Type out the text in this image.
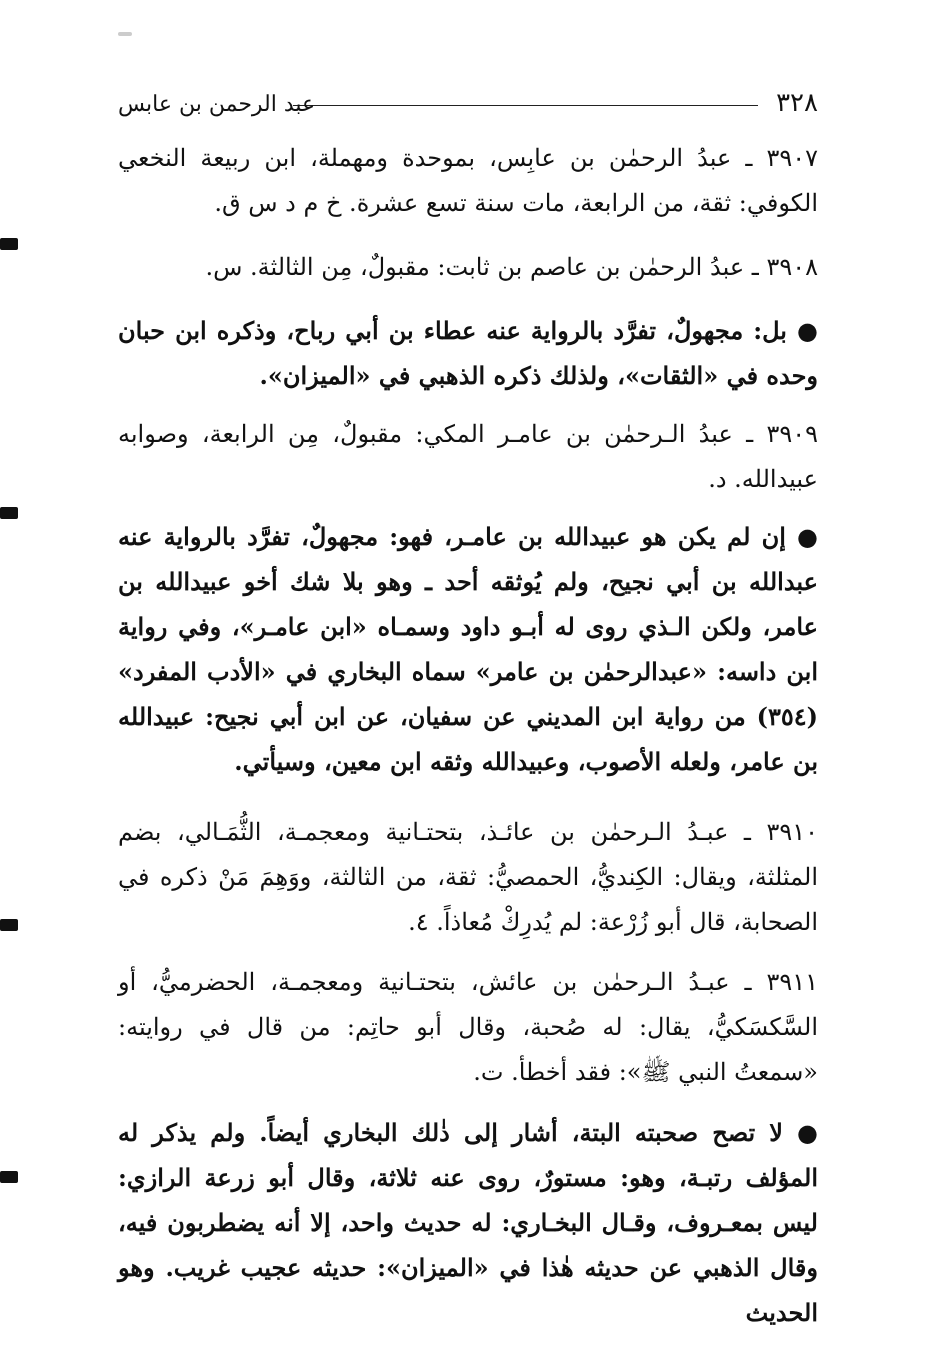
٣٢٨
عبد الرحمن بن عابس
٣٩٠٧ ـ عبدُ الرحمٰن بن عابِس، بموحدة ومهملة، ابن ربيعة النخعي الكوفي: ثقة، من الرابعة، مات سنة تسع عشرة. خ م د س ق.
٣٩٠٨ ـ عبدُ الرحمٰن بن عاصم بن ثابت: مقبولٌ، مِن الثالثة. س.
● بل: مجهولٌ، تفرَّد بالرواية عنه عطاء بن أبي رباح، وذكره ابن حبان وحده في «الثقات»، ولذلك ذكره الذهبي في «الميزان».
٣٩٠٩ ـ عبدُ الـرحمٰن بن عامـر المكي: مقبولٌ، مِن الرابعة، وصوابه عبيدالله. د.
● إن لم يكن هو عبيدالله بن عامـر، فهو: مجهولٌ، تفرَّد بالرواية عنه عبدالله بن أبي نجيح، ولم يُوثقه أحد ـ وهو بلا شك أخو عبيدالله بن عامر، ولكن الـذي روى له أبـو داود وسمـاه «ابن عامـر»، وفي رواية ابن داسه: «عبدالرحمٰن بن عامر» سماه البخاري في «الأدب المفرد» (٣٥٤) من رواية ابن المديني عن سفيان، عن ابن أبي نجيح: عبيدالله بن عامر، ولعله الأصوب، وعبيدالله وثقه ابن معين، وسيأتي.
٣٩١٠ ـ عبـدُ الـرحمٰن بن عائـذ، بتحتـانية ومعجمـة، الثُّمَـالي، بضم المثلثة، ويقال: الكِنديُّ، الحمصيُّ: ثقة، من الثالثة، ووَهِمَ مَنْ ذكره في الصحابة، قال أبو زُرْعة: لم يُدرِكْ مُعاذاً. ٤.
٣٩١١ ـ عبـدُ الـرحمٰن بن عائش، بتحتـانية ومعجمـة، الحضرميُّ، أو السَّكسَكيُّ، يقال: له صُحبة، وقال أبو حاتِم: من قال في روايته: «سمعتُ النبي ﷺ»: فقد أخطأ. ت.
● لا تصح صحبته البتة، أشار إلى ذٰلك البخاري أيضاً. ولم يذكر له المؤلف رتبـة، وهو: مستورٌ، روى عنه ثلاثة، وقال أبو زرعة الرازي: ليس بمعـروف، وقـال البخـاري: له حديث واحد، إلا أنه يضطربون فيه، وقال الذهبي عن حديثه هٰذا في «الميزان»: حديثه عجيب غريب. وهو الحديث
